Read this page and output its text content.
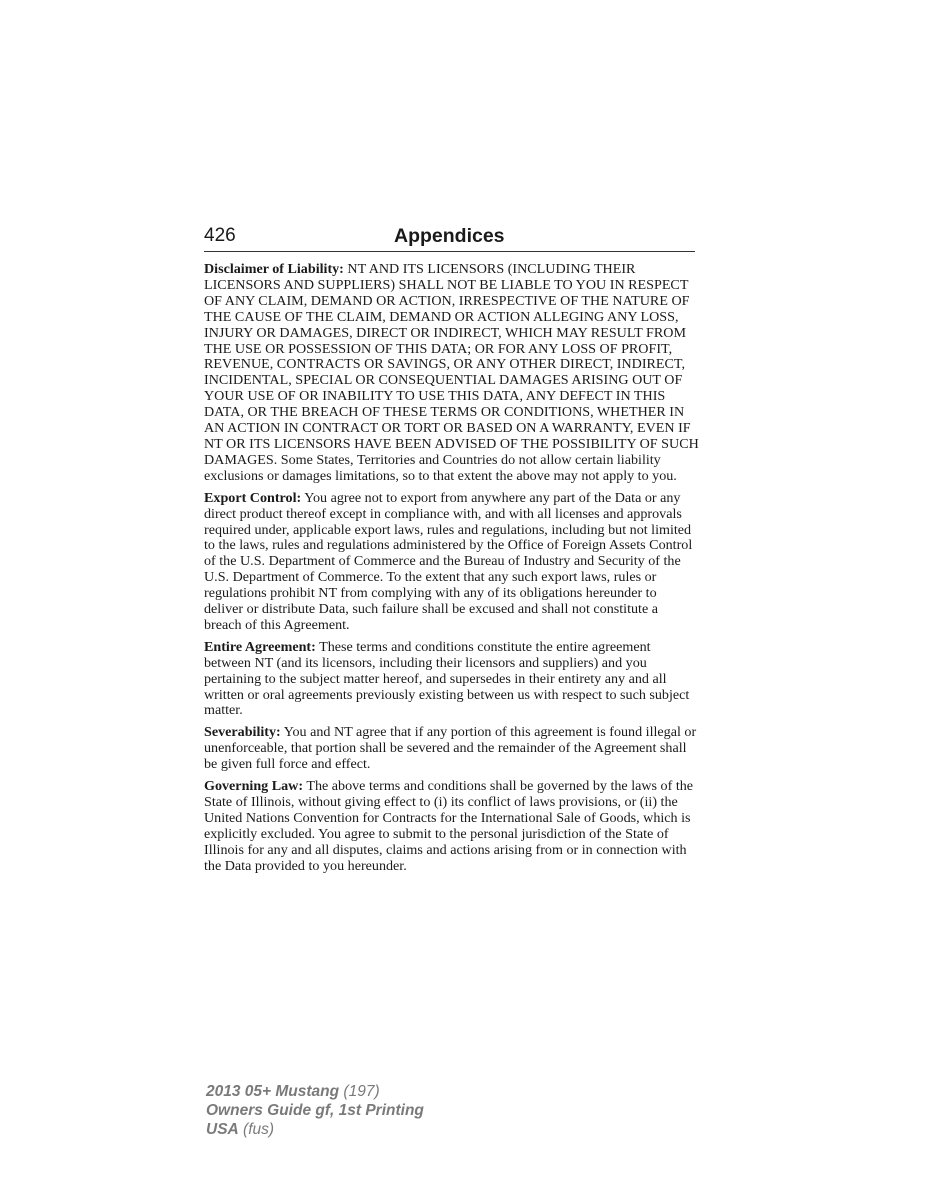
426	Appendices

Disclaimer of Liability: NT AND ITS LICENSORS (INCLUDING THEIR LICENSORS AND SUPPLIERS) SHALL NOT BE LIABLE TO YOU IN RESPECT OF ANY CLAIM, DEMAND OR ACTION, IRRESPECTIVE OF THE NATURE OF THE CAUSE OF THE CLAIM, DEMAND OR ACTION ALLEGING ANY LOSS, INJURY OR DAMAGES, DIRECT OR INDIRECT, WHICH MAY RESULT FROM THE USE OR POSSESSION OF THIS DATA; OR FOR ANY LOSS OF PROFIT, REVENUE, CONTRACTS OR SAVINGS, OR ANY OTHER DIRECT, INDIRECT, INCIDENTAL, SPECIAL OR CONSEQUENTIAL DAMAGES ARISING OUT OF YOUR USE OF OR INABILITY TO USE THIS DATA, ANY DEFECT IN THIS DATA, OR THE BREACH OF THESE TERMS OR CONDITIONS, WHETHER IN AN ACTION IN CONTRACT OR TORT OR BASED ON A WARRANTY, EVEN IF NT OR ITS LICENSORS HAVE BEEN ADVISED OF THE POSSIBILITY OF SUCH DAMAGES. Some States, Territories and Countries do not allow certain liability exclusions or damages limitations, so to that extent the above may not apply to you.

Export Control: You agree not to export from anywhere any part of the Data or any direct product thereof except in compliance with, and with all licenses and approvals required under, applicable export laws, rules and regulations, including but not limited to the laws, rules and regulations administered by the Office of Foreign Assets Control of the U.S. Department of Commerce and the Bureau of Industry and Security of the U.S. Department of Commerce. To the extent that any such export laws, rules or regulations prohibit NT from complying with any of its obligations hereunder to deliver or distribute Data, such failure shall be excused and shall not constitute a breach of this Agreement.

Entire Agreement: These terms and conditions constitute the entire agreement between NT (and its licensors, including their licensors and suppliers) and you pertaining to the subject matter hereof, and supersedes in their entirety any and all written or oral agreements previously existing between us with respect to such subject matter.

Severability: You and NT agree that if any portion of this agreement is found illegal or unenforceable, that portion shall be severed and the remainder of the Agreement shall be given full force and effect.

Governing Law: The above terms and conditions shall be governed by the laws of the State of Illinois, without giving effect to (i) its conflict of laws provisions, or (ii) the United Nations Convention for Contracts for the International Sale of Goods, which is explicitly excluded. You agree to submit to the personal jurisdiction of the State of Illinois for any and all disputes, claims and actions arising from or in connection with the Data provided to you hereunder.

2013 05+ Mustang (197)
Owners Guide gf, 1st Printing
USA (fus)
